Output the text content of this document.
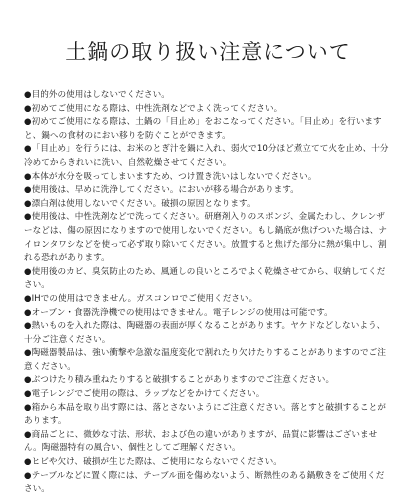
土鍋の取り扱い注意について
●目的外の使用はしないでください。
●初めてご使用になる際は、中性洗剤などでよく洗ってください。
●初めてご使用になる際は、土鍋の「目止め」をおこなってください。「目止め」を行いますと、鍋への食材のにおい移りを防ぐことができます。
●「目止め」を行うには、お米のとぎ汁を鍋に入れ、弱火で10分ほど煮立てて火を止め、十分冷めてからきれいに洗い、自然乾燥させてください。
●本体が水分を吸ってしまいますため、つけ置き洗いはしないでください。
●使用後は、早めに洗浄してください。においが移る場合があります。
●漂白剤は使用しないでください。破損の原因となります。
●使用後は、中性洗剤などで洗ってください。研磨剤入りのスポンジ、金属たわし、クレンザーなどは、傷の原因になりますので使用しないでください。もし鍋底が焦げついた場合は、ナイロンタワシなどを使って必ず取り除いてください。放置すると焦げた部分に熱が集中し、割れる恐れがあります。
●使用後のカビ、臭気防止のため、風通しの良いところでよく乾燥させてから、収納してください。
●IHでの使用はできません。ガスコンロでご使用ください。
●オーブン・食器洗浄機での使用はできません。電子レンジの使用は可能です。
●熱いものを入れた際は、陶磁器の表面が厚くなることがあります。ヤケドなどしないよう、十分ご注意ください。
●陶磁器製品は、強い衝撃や急激な温度変化で割れたり欠けたりすることがありますのでご注意ください。
●ぶつけたり積み重ねたりすると破損することがありますのでご注意ください。
●電子レンジでご使用の際は、ラップなどをかけてください。
●箱から本品を取り出す際には、落とさないようにご注意ください。落とすと破損することがあります。
●商品ごとに、微妙な寸法、形状、および色の違いがありますが、品質に影響はございません。陶磁器特有の風合い、個性としてご理解ください。
●ヒビや欠け、破損が生じた際は、ご使用にならないでください。
●テーブルなどに置く際には、テーブル面を傷めないよう、断熱性のある鍋敷きをご使用ください。
